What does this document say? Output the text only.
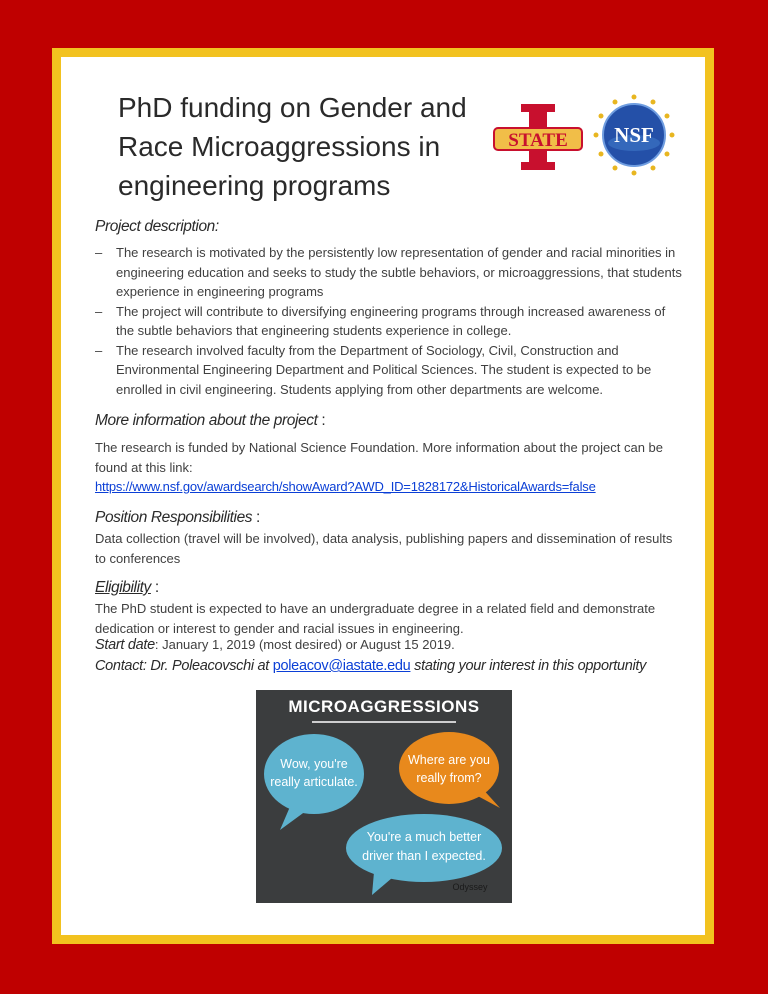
PhD funding on Gender and Race Microaggressions in engineering programs
STATE NSF
Project description:
– The research is motivated by the persistently low representation of gender and racial minorities in engineering education and seeks to study the subtle behaviors, or microaggressions, that students experience in engineering programs
– The project will contribute to diversifying engineering programs through increased awareness of the subtle behaviors that engineering students experience in college.
– The research involved faculty from the Department of Sociology, Civil, Construction and Environmental Engineering Department and Political Sciences. The student is expected to be enrolled in civil engineering. Students applying from other departments are welcome.
More information about the project :
The research is funded by National Science Foundation. More information about the project can be found at this link:
https://www.nsf.gov/awardsearch/showAward?AWD_ID=1828172&HistoricalAwards=false
Position Responsibilities :
Data collection (travel will be involved), data analysis, publishing papers and dissemination of results to conferences
Eligibility :
The PhD student is expected to have an undergraduate degree in a related field and demonstrate dedication or interest to gender and racial issues in engineering.
Start date: January 1, 2019 (most desired) or August 15 2019.
Contact: Dr. Poleacovschi at poleacov@iastate.edu stating your interest in this opportunity
MICROAGGRESSIONS
Wow, you're
really articulate.
Where are you
really from?
You're a much better
driver than I expected.
Odyssey
